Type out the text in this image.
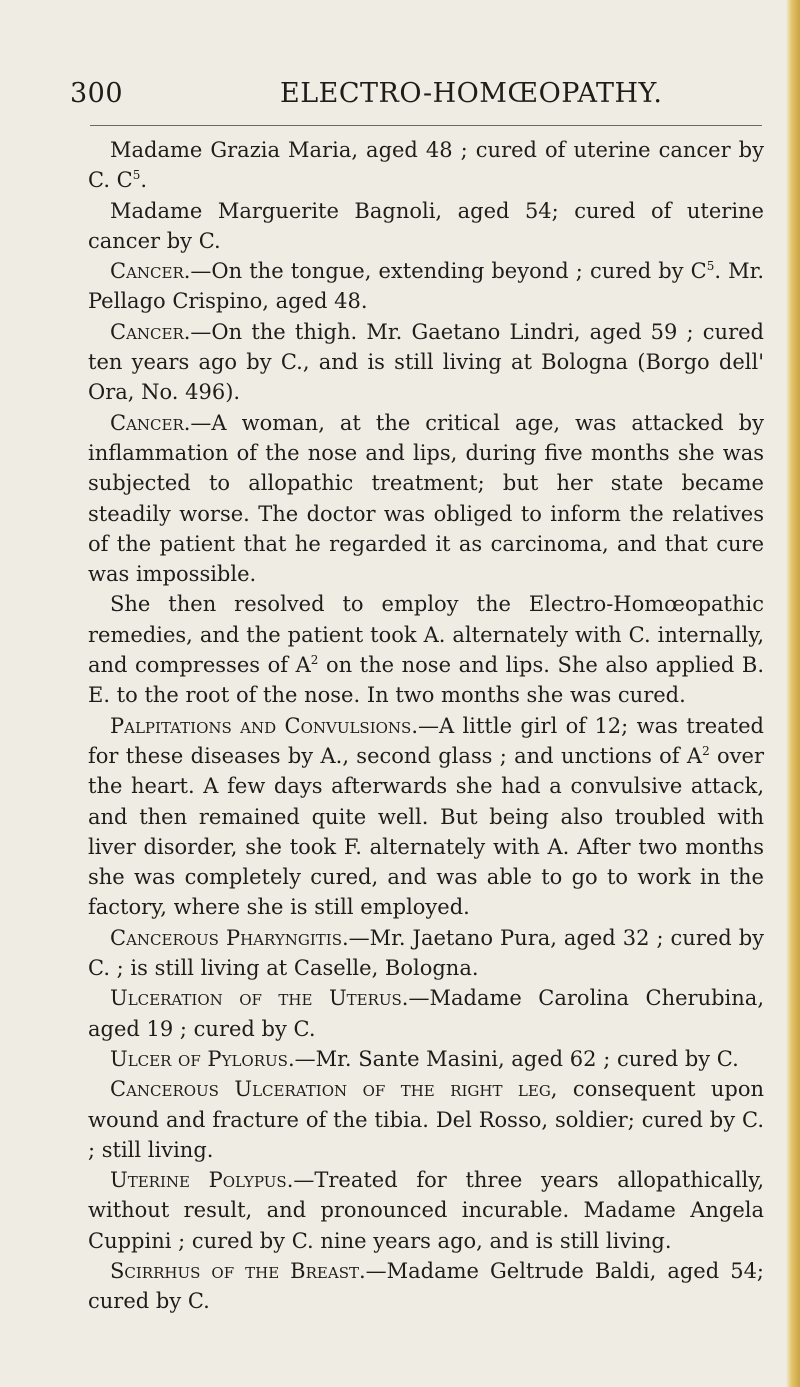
300	ELECTRO-HOMŒOPATHY.

Madame Grazia Maria, aged 48 ; cured of uterine cancer by C. $C^5$.

Madame Marguerite Bagnoli, aged 54; cured of uterine cancer by C.

Cancer.—On the tongue, extending beyond ; cured by $C^5$. Mr. Pellago Crispino, aged 48.

Cancer.—On the thigh. Mr. Gaetano Lindri, aged 59 ; cured ten years ago by C., and is still living at Bologna (Borgo dell' Ora, No. 496).

Cancer.—A woman, at the critical age, was attacked by inflammation of the nose and lips, during five months she was subjected to allopathic treatment; but her state became steadily worse. The doctor was obliged to inform the relatives of the patient that he regarded it as carcinoma, and that cure was impossible.

She then resolved to employ the Electro-Homœopathic remedies, and the patient took A. alternately with C. internally, and compresses of $A^2$ on the nose and lips. She also applied B. E. to the root of the nose. In two months she was cured.

Palpitations and Convulsions.—A little girl of 12; was treated for these diseases by A., second glass ; and unctions of $A^2$ over the heart. A few days afterwards she had a convulsive attack, and then remained quite well. But being also troubled with liver disorder, she took F. alternately with A. After two months she was completely cured, and was able to go to work in the factory, where she is still employed.

Cancerous Pharyngitis.—Mr. Jaetano Pura, aged 32 ; cured by C. ; is still living at Caselle, Bologna.

Ulceration of the Uterus.—Madame Carolina Cherubina, aged 19 ; cured by C.

Ulcer of Pylorus.—Mr. Sante Masini, aged 62 ; cured by C.

Cancerous Ulceration of the right leg, consequent upon wound and fracture of the tibia. Del Rosso, soldier; cured by C. ; still living.

Uterine Polypus.—Treated for three years allopathically, without result, and pronounced incurable. Madame Angela Cuppini ; cured by C. nine years ago, and is still living.

Scirrhus of the Breast.—Madame Geltrude Baldi, aged 54; cured by C.
